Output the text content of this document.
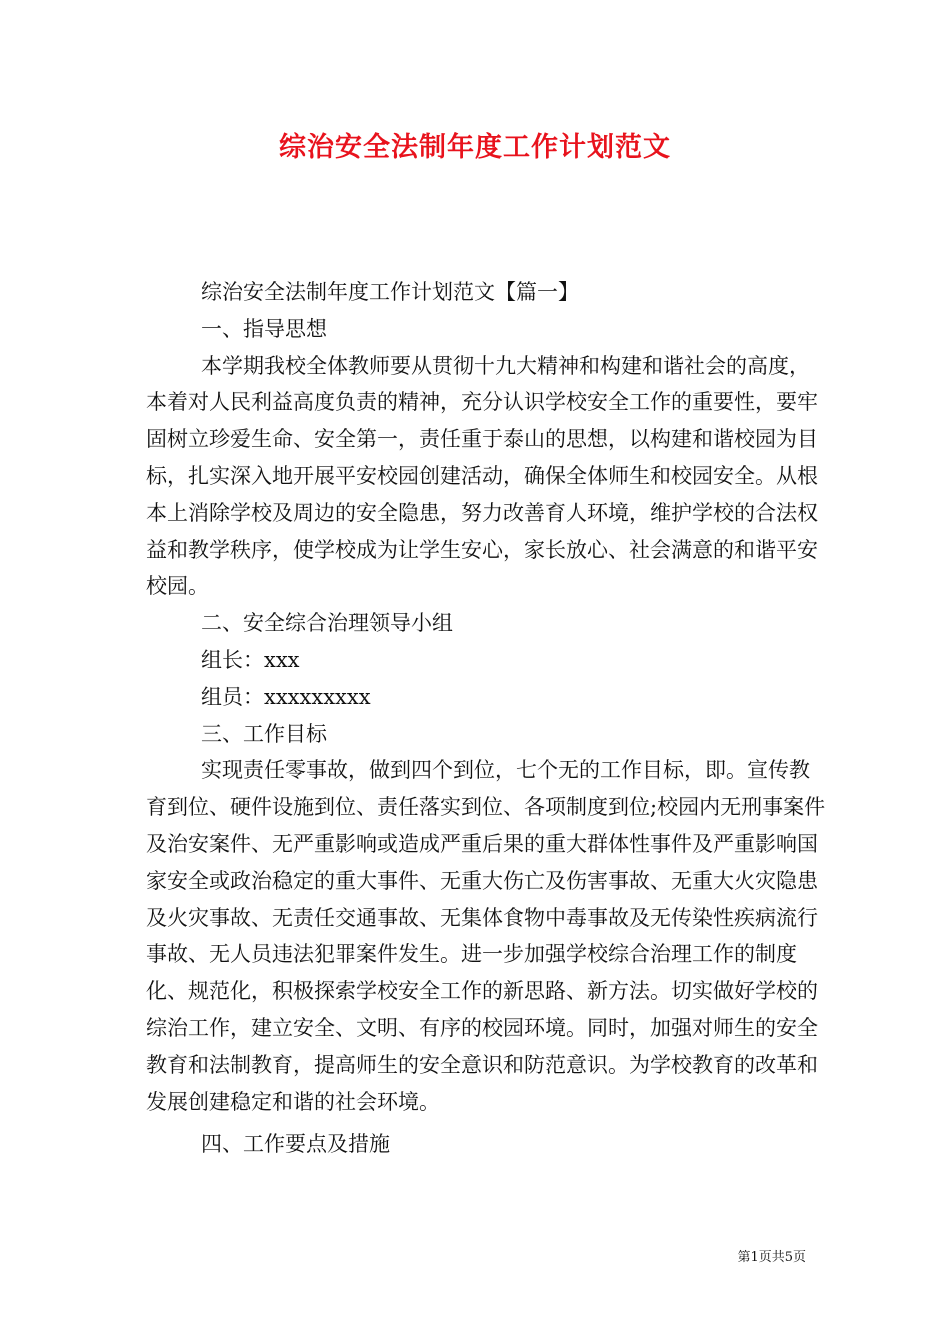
综治安全法制年度工作计划范文

综治安全法制年度工作计划范文【篇一】

一、指导思想

本学期我校全体教师要从贯彻十九大精神和构建和谐社会的高度，本着对人民利益高度负责的精神，充分认识学校安全工作的重要性，要牢固树立珍爱生命、安全第一，责任重于泰山的思想，以构建和谐校园为目标，扎实深入地开展平安校园创建活动，确保全体师生和校园安全。从根本上消除学校及周边的安全隐患，努力改善育人环境，维护学校的合法权益和教学秩序，使学校成为让学生安心，家长放心、社会满意的和谐平安校园。

二、安全综合治理领导小组

组长：xxx

组员：xxxxxxxxx

三、工作目标

实现责任零事故，做到四个到位，七个无的工作目标，即。宣传教育到位、硬件设施到位、责任落实到位、各项制度到位;校园内无刑事案件及治安案件、无严重影响或造成严重后果的重大群体性事件及严重影响国家安全或政治稳定的重大事件、无重大伤亡及伤害事故、无重大火灾隐患及火灾事故、无责任交通事故、无集体食物中毒事故及无传染性疾病流行事故、无人员违法犯罪案件发生。进一步加强学校综合治理工作的制度化、规范化，积极探索学校安全工作的新思路、新方法。切实做好学校的综治工作，建立安全、文明、有序的校园环境。同时，加强对师生的安全教育和法制教育，提高师生的安全意识和防范意识。为学校教育的改革和发展创建稳定和谐的社会环境。

四、工作要点及措施

第1页共5页
